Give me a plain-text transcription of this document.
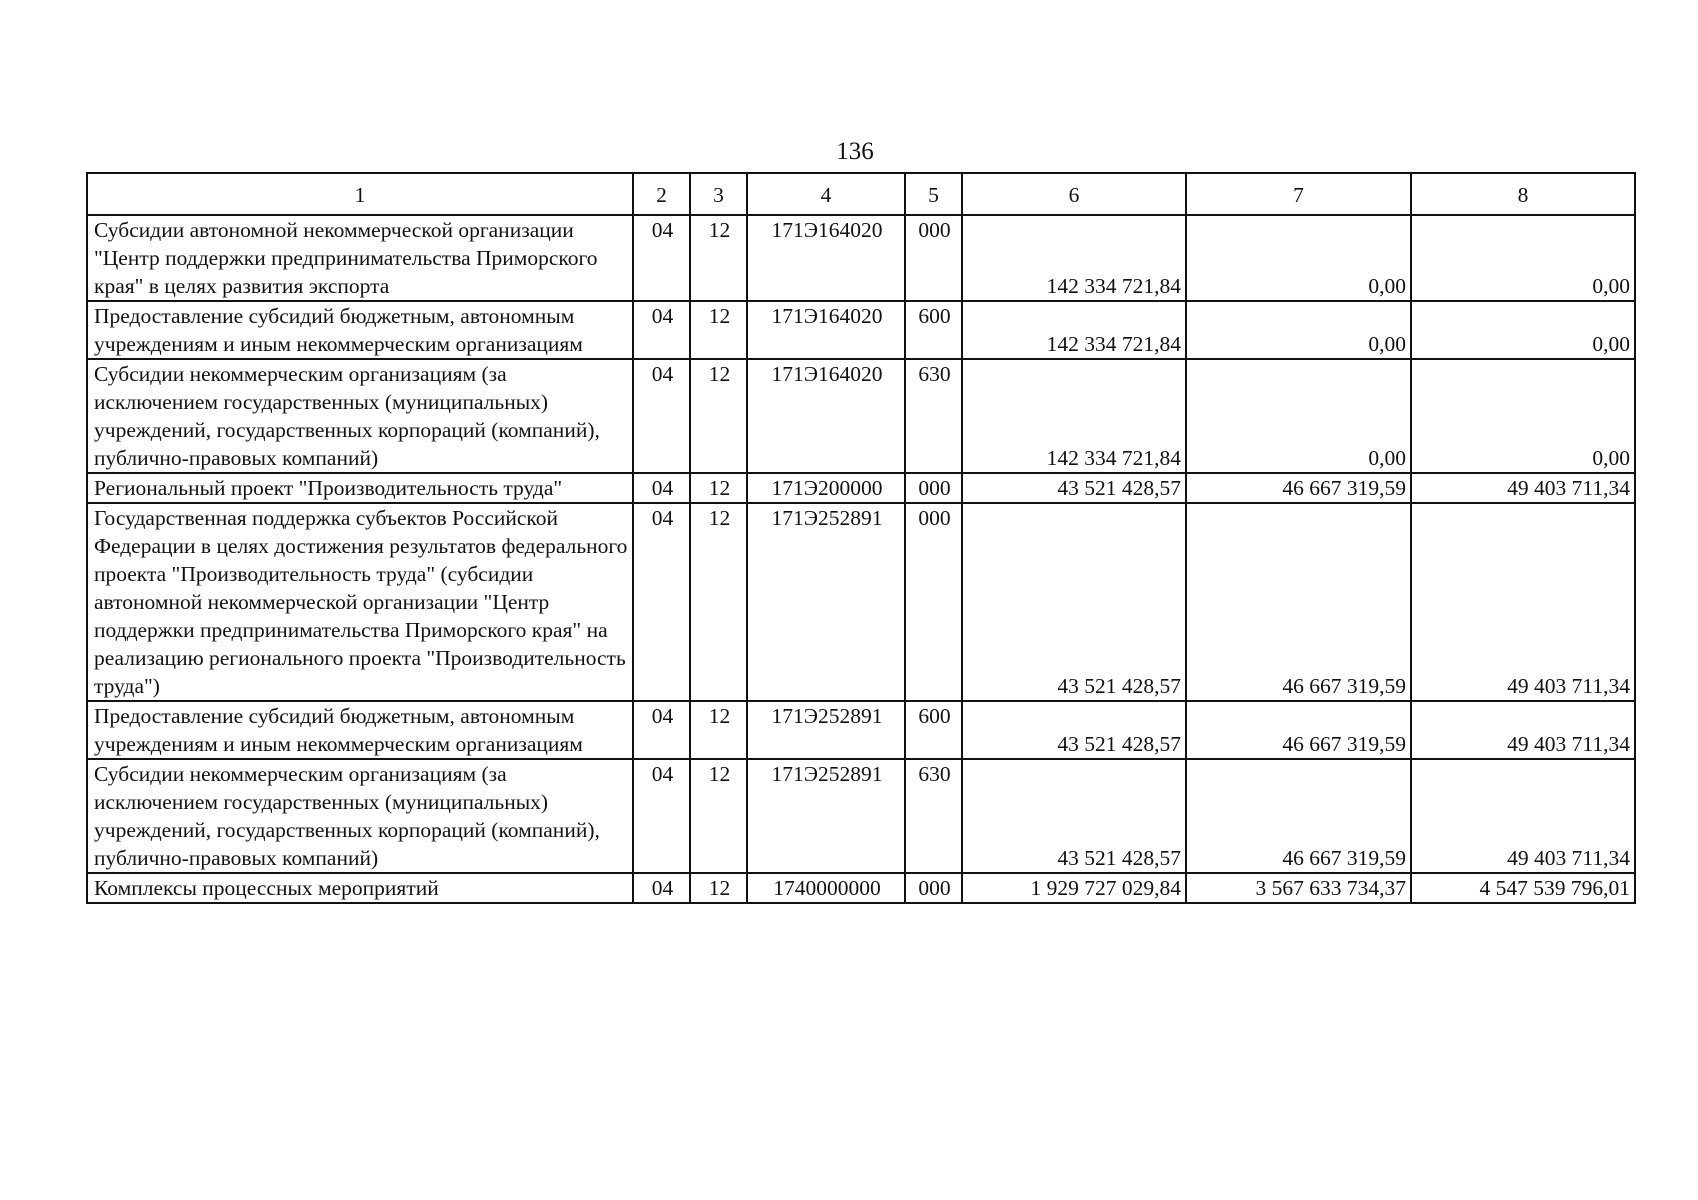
136
1	2	3	4	5	6	7	8
Субсидии автономной некоммерческой организации "Центр поддержки предпринимательства Приморского края" в целях развития экспорта	04	12	171Э164020	000	142 334 721,84	0,00	0,00
Предоставление субсидий бюджетным, автономным учреждениям и иным некоммерческим организациям	04	12	171Э164020	600	142 334 721,84	0,00	0,00
Субсидии некоммерческим организациям (за исключением государственных (муниципальных) учреждений, государственных корпораций (компаний), публично-правовых компаний)	04	12	171Э164020	630	142 334 721,84	0,00	0,00
Региональный проект "Производительность труда"	04	12	171Э200000	000	43 521 428,57	46 667 319,59	49 403 711,34
Государственная поддержка субъектов Российской Федерации в целях достижения результатов федерального проекта "Производительность труда" (субсидии автономной некоммерческой организации "Центр поддержки предпринимательства Приморского края" на реализацию регионального проекта "Производительность труда")	04	12	171Э252891	000	43 521 428,57	46 667 319,59	49 403 711,34
Предоставление субсидий бюджетным, автономным учреждениям и иным некоммерческим организациям	04	12	171Э252891	600	43 521 428,57	46 667 319,59	49 403 711,34
Субсидии некоммерческим организациям (за исключением государственных (муниципальных) учреждений, государственных корпораций (компаний), публично-правовых компаний)	04	12	171Э252891	630	43 521 428,57	46 667 319,59	49 403 711,34
Комплексы процессных мероприятий	04	12	1740000000	000	1 929 727 029,84	3 567 633 734,37	4 547 539 796,01
